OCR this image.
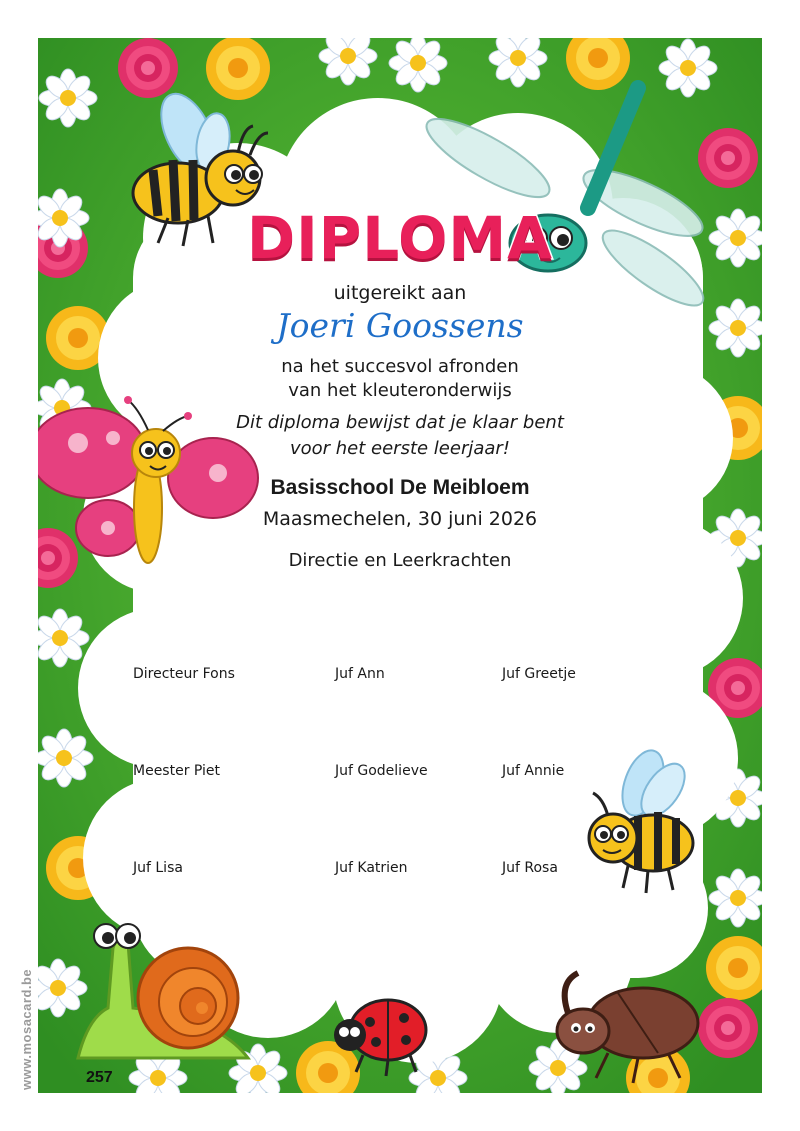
DIPLOMA
uitgereikt aan
Joeri Goossens
na het succesvol afronden
van het kleuteronderwijs
Dit diploma bewijst dat je klaar bent
voor het eerste leerjaar!
Basisschool De Meibloem
Maasmechelen, 30 juni 2026
Directie en Leerkrachten
Directeur Fons	Juf Ann	Juf Greetje
Meester Piet	Juf Godelieve	Juf Annie
Juf Lisa	Juf Katrien	Juf Rosa
257
www.mosacard.be
